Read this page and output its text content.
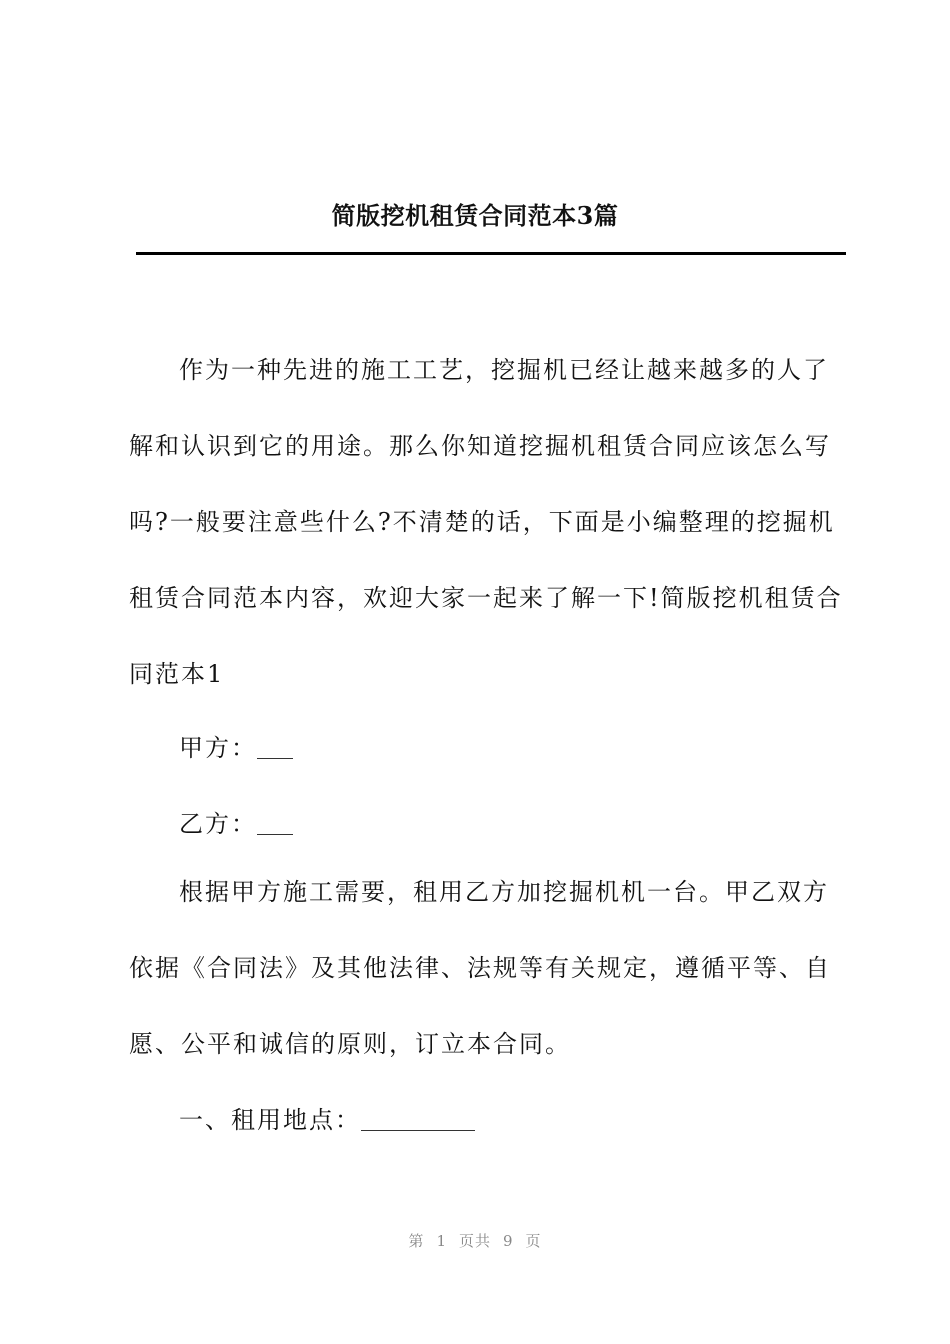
简版挖机租赁合同范本3篇

作为一种先进的施工工艺，挖掘机已经让越来越多的人了解和认识到它的用途。那么你知道挖掘机租赁合同应该怎么写吗?一般要注意些什么?不清楚的话，下面是小编整理的挖掘机租赁合同范本内容，欢迎大家一起来了解一下!简版挖机租赁合同范本1

甲方：
乙方：

根据甲方施工需要，租用乙方加挖掘机机一台。甲乙双方依据《合同法》及其他法律、法规等有关规定，遵循平等、自愿、公平和诚信的原则，订立本合同。

一、租用地点：
第 1 页共 9 页
